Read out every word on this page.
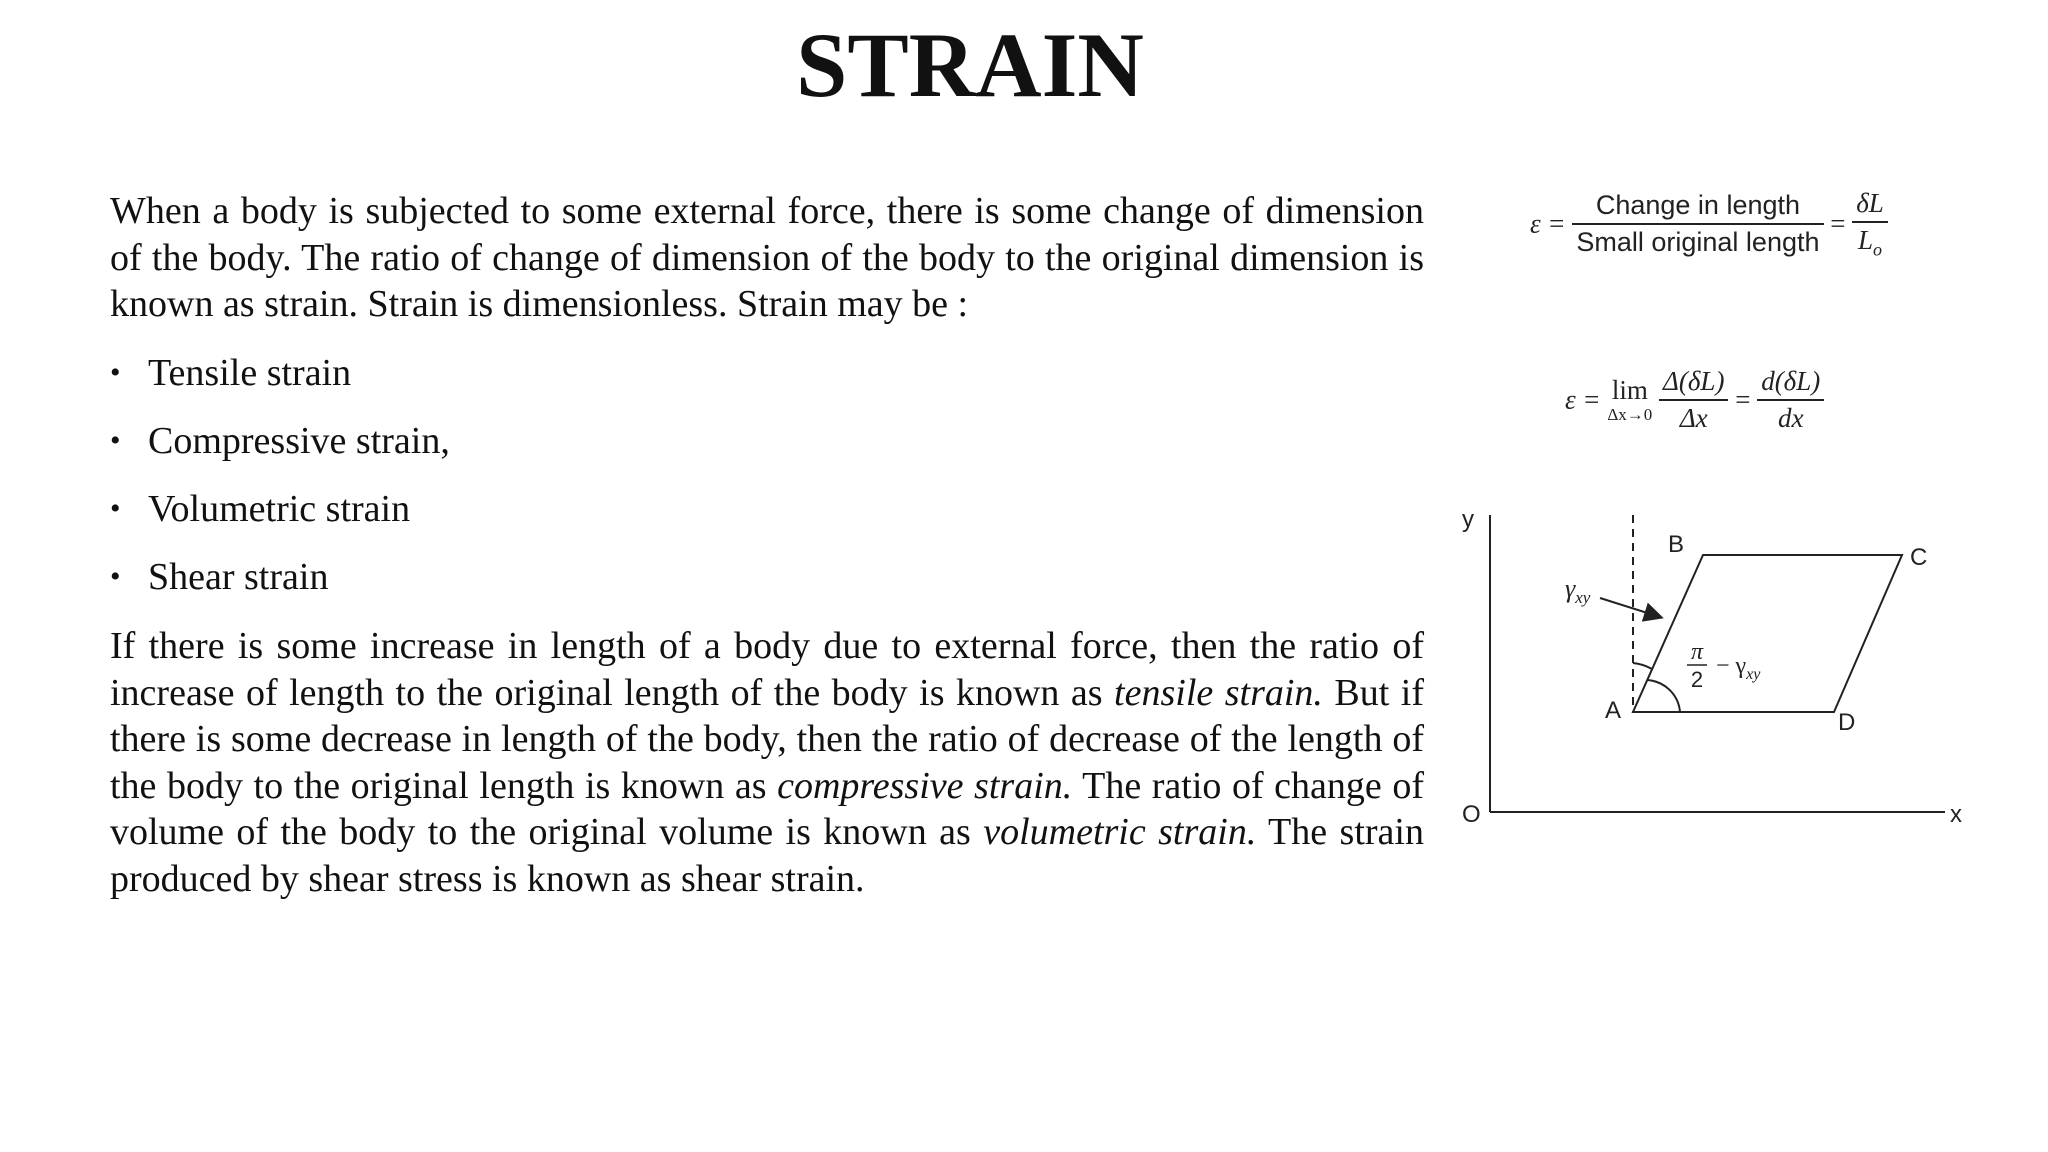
STRAIN

When a body is subjected to some external force, there is some change of dimension of the body. The ratio of change of dimension of the body to the original dimension is known as strain. Strain is dimensionless. Strain may be :

• Tensile strain
• Compressive strain,
• Volumetric strain
• Shear strain

If there is some increase in length of a body due to external force, then the ratio of increase of length to the original length of the body is known as tensile strain. But if there is some decrease in length of the body, then the ratio of decrease of the length of the body to the original length is known as compressive strain. The ratio of change of volume of the body to the original volume is known as volumetric strain. The strain produced by shear stress is known as shear strain.

$\varepsilon = \frac{\text{Change in length}}{\text{Small original length}} = \frac{\delta L}{L_o}$
ε = lim
Δx→0
$\frac{\Delta(\delta L)}{\Delta x} = \frac{d(\delta L)}{dx}$
y
x
O
A
B	C
D
$\gamma_{xy}$
π
2
− $\gamma_{xy}$
